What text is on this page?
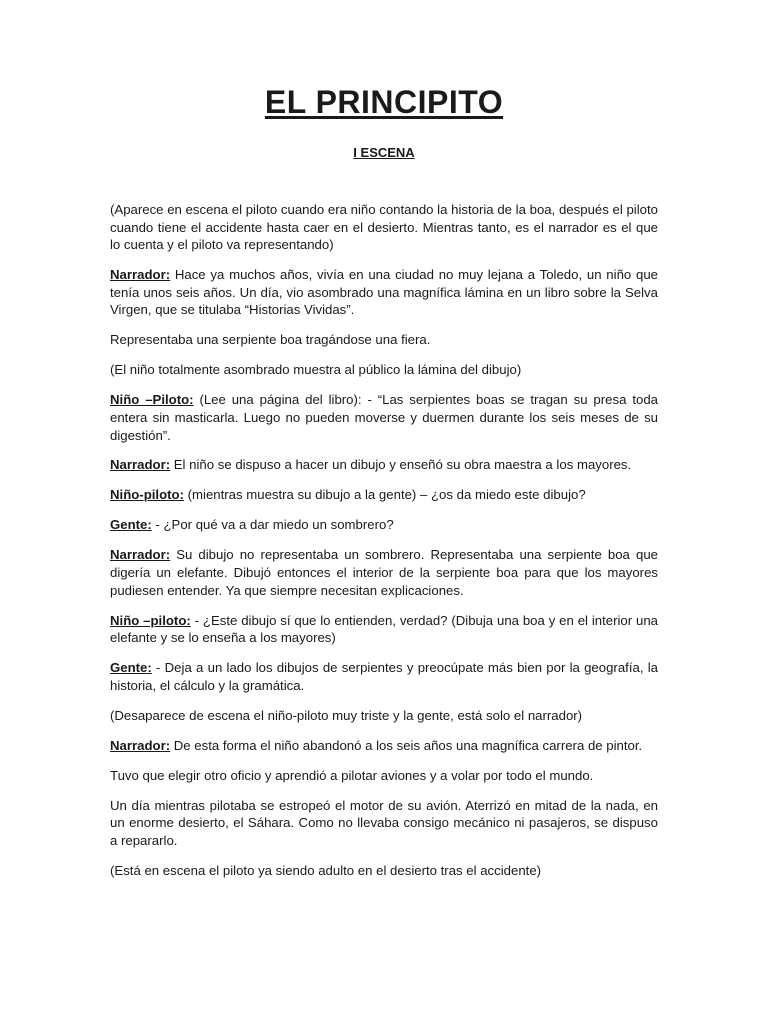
EL PRINCIPITO
I ESCENA

(Aparece en escena el piloto cuando era niño contando la historia de la boa, después el piloto cuando tiene el accidente hasta caer en el desierto. Mientras tanto, es el narrador es el que lo cuenta y el piloto va representando)

Narrador: Hace ya muchos años, vivía en una ciudad no muy lejana a Toledo, un niño que tenía unos seis años. Un día, vio asombrado una magnífica lámina en un libro sobre la Selva Virgen, que se titulaba “Historias Vividas”.

Representaba una serpiente boa tragándose una fiera.

(El niño totalmente asombrado muestra al público la lámina del dibujo)

Niño –Piloto: (Lee una página del libro): - “Las serpientes boas se tragan su presa toda entera sin masticarla. Luego no pueden moverse y duermen durante los seis meses de su digestión”.

Narrador: El niño se dispuso a hacer un dibujo y enseñó su obra maestra a los mayores.

Niño-piloto: (mientras muestra su dibujo a la gente) – ¿os da miedo este dibujo?

Gente: - ¿Por qué va a dar miedo un sombrero?

Narrador: Su dibujo no representaba un sombrero. Representaba una serpiente boa que digería un elefante. Dibujó entonces el interior de la serpiente boa para que los mayores pudiesen entender. Ya que siempre necesitan explicaciones.

Niño –piloto: - ¿Este dibujo sí que lo entienden, verdad? (Dibuja una boa y en el interior una elefante y se lo enseña a los mayores)

Gente: - Deja a un lado los dibujos de serpientes y preocúpate más bien por la geografía, la historia, el cálculo y la gramática.

(Desaparece de escena el niño-piloto muy triste y la gente, está solo el narrador)

Narrador: De esta forma el niño abandonó a los seis años una magnífica carrera de pintor.

Tuvo que elegir otro oficio y aprendió a pilotar aviones y a volar por todo el mundo.

Un día mientras pilotaba se estropeó el motor de su avión. Aterrizó en mitad de la nada, en un enorme desierto, el Sáhara. Como no llevaba consigo mecánico ni pasajeros, se dispuso a repararlo.

(Está en escena el piloto ya siendo adulto en el desierto tras el accidente)
